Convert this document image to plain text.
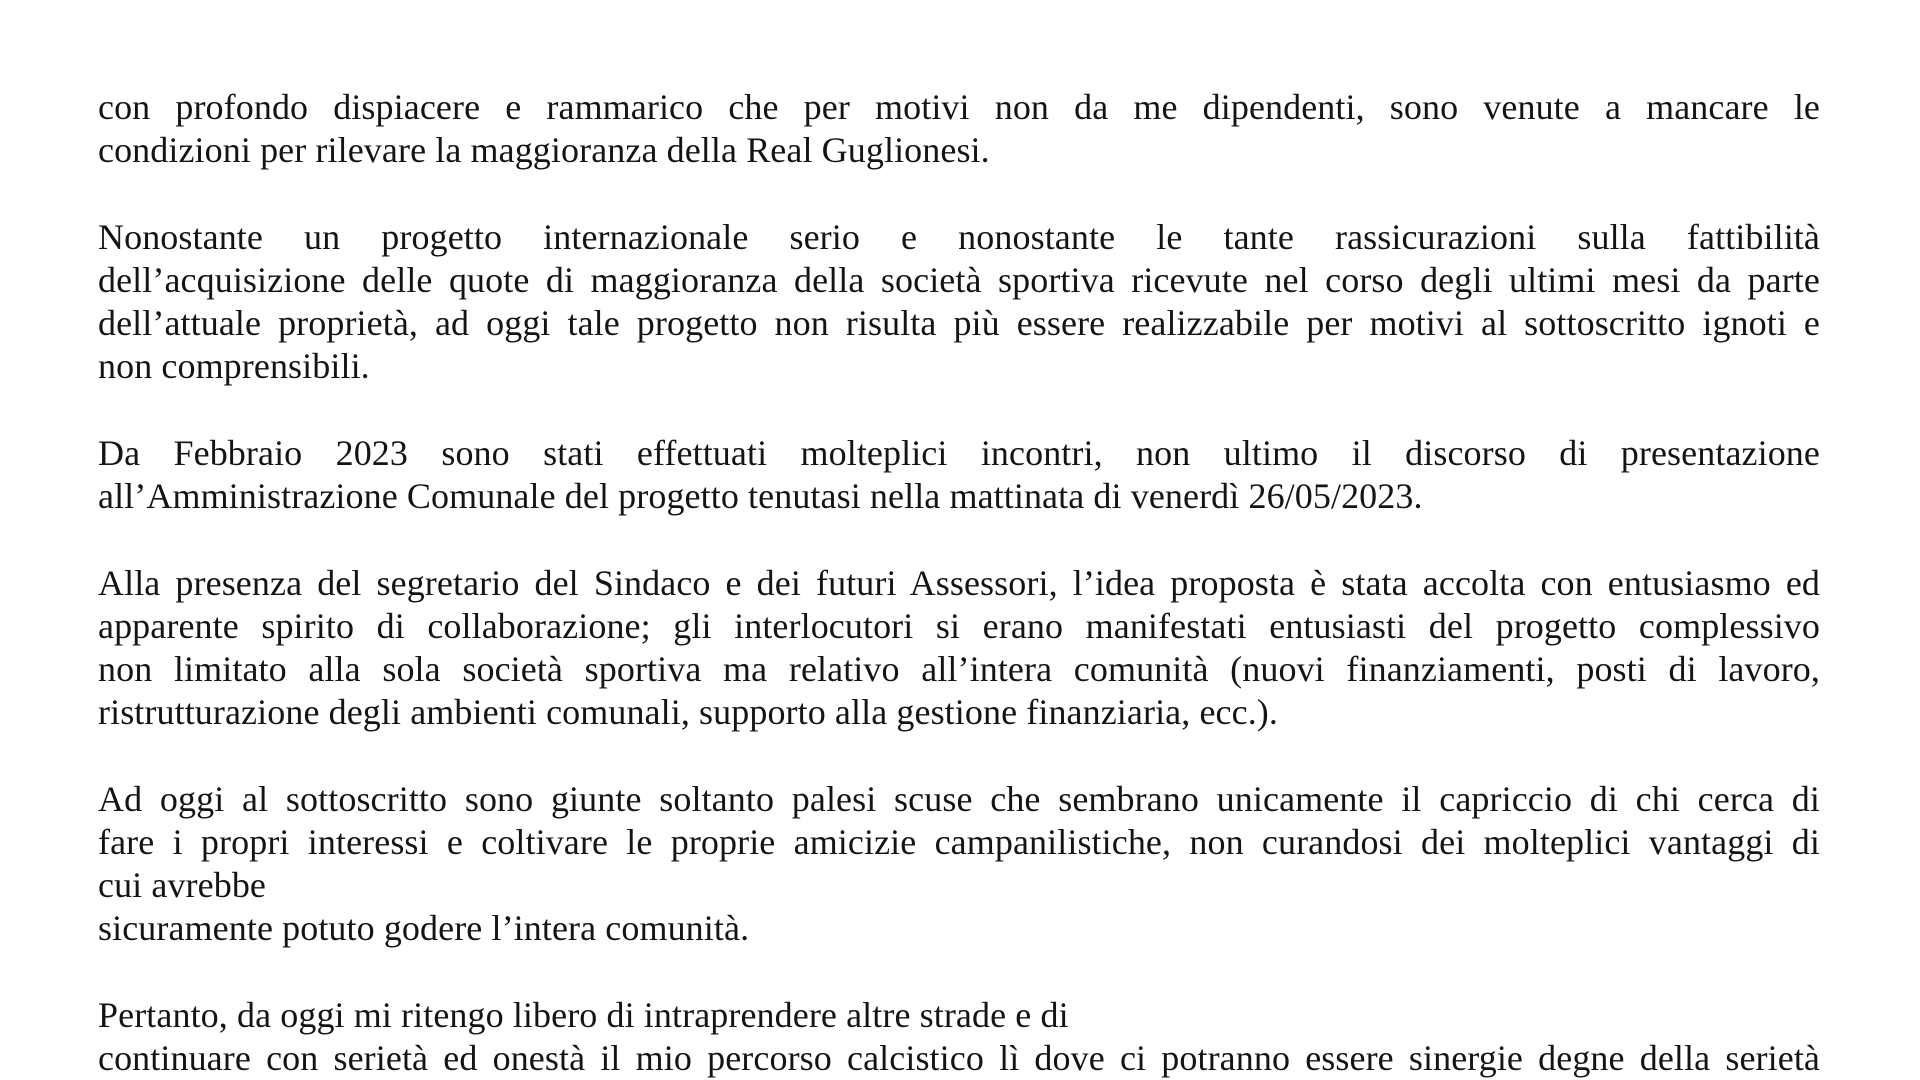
con profondo dispiacere e rammarico che per motivi non da me dipendenti, sono venute a mancare le
condizioni per rilevare la maggioranza della Real Guglionesi.

Nonostante un progetto internazionale serio e nonostante le tante rassicurazioni sulla fattibilità
dell’acquisizione delle quote di maggioranza della società sportiva ricevute nel corso degli ultimi mesi da parte
dell’attuale proprietà, ad oggi tale progetto non risulta più essere realizzabile per motivi al sottoscritto ignoti e
non comprensibili.

Da Febbraio 2023 sono stati effettuati molteplici incontri, non ultimo il discorso di presentazione
all’Amministrazione Comunale del progetto tenutasi nella mattinata di venerdì 26/05/2023.

Alla presenza del segretario del Sindaco e dei futuri Assessori, l’idea proposta è stata accolta con entusiasmo ed
apparente spirito di collaborazione; gli interlocutori si erano manifestati entusiasti del progetto complessivo
non limitato alla sola società sportiva ma relativo all’intera comunità (nuovi finanziamenti, posti di lavoro,
ristrutturazione degli ambienti comunali, supporto alla gestione finanziaria, ecc.).

Ad oggi al sottoscritto sono giunte soltanto palesi scuse che sembrano unicamente il capriccio di chi cerca di
fare i propri interessi e coltivare le proprie amicizie campanilistiche, non curandosi dei molteplici vantaggi di
cui avrebbe
sicuramente potuto godere l’intera comunità.

Pertanto, da oggi mi ritengo libero di intraprendere altre strade e di
continuare con serietà ed onestà il mio percorso calcistico lì dove ci potranno essere sinergie degne della serietà
